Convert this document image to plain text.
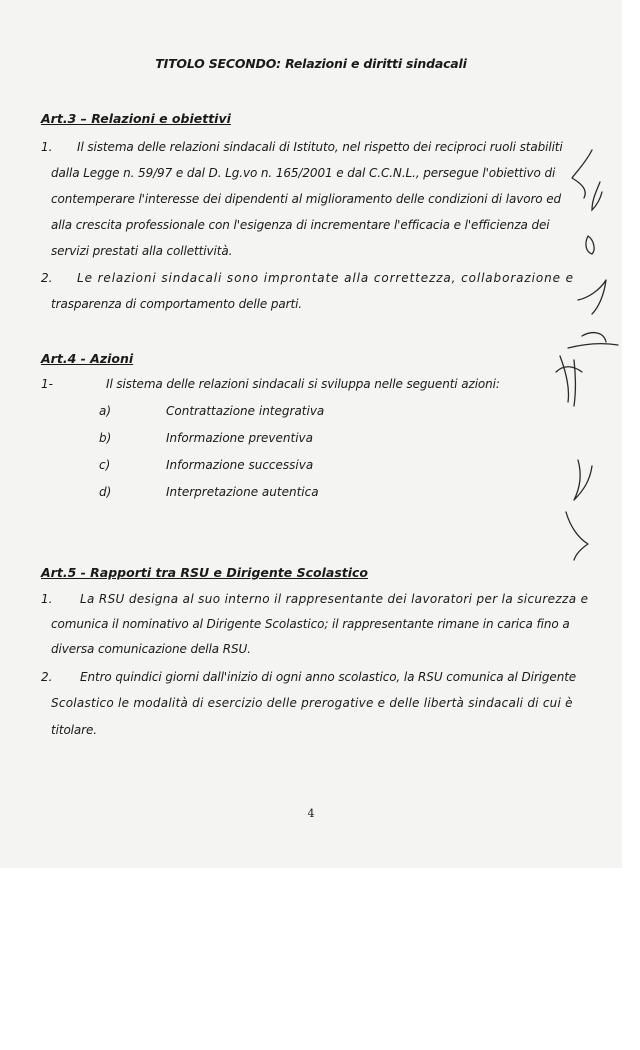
TITOLO SECONDO: Relazioni e diritti sindacali
Art.3 – Relazioni e obiettivi
1. Il sistema delle relazioni sindacali di Istituto, nel rispetto dei reciproci ruoli stabiliti
dalla Legge n. 59/97 e dal D. Lg.vo n. 165/2001 e dal C.C.N.L., persegue l'obiettivo di
contemperare l'interesse dei dipendenti al miglioramento delle condizioni di lavoro ed
alla crescita professionale con l'esigenza di incrementare l'efficacia e l'efficienza dei
servizi prestati alla collettività.
2. Le relazioni sindacali sono improntate alla correttezza, collaborazione e
trasparenza di comportamento delle parti.
Art.4 - Azioni
1-	Il sistema delle relazioni sindacali si sviluppa nelle seguenti azioni:
a)	Contrattazione integrativa
b)	Informazione preventiva
c)	Informazione successiva
d)	Interpretazione autentica
Art.5 - Rapporti tra RSU e Dirigente Scolastico
1. La RSU designa al suo interno il rappresentante dei lavoratori per la sicurezza e
comunica il nominativo al Dirigente Scolastico; il rappresentante rimane in carica fino a
diversa comunicazione della RSU.
2. Entro quindici giorni dall'inizio di ogni anno scolastico, la RSU comunica al Dirigente
Scolastico le modalità di esercizio delle prerogative e delle libertà sindacali di cui è
titolare.
4
